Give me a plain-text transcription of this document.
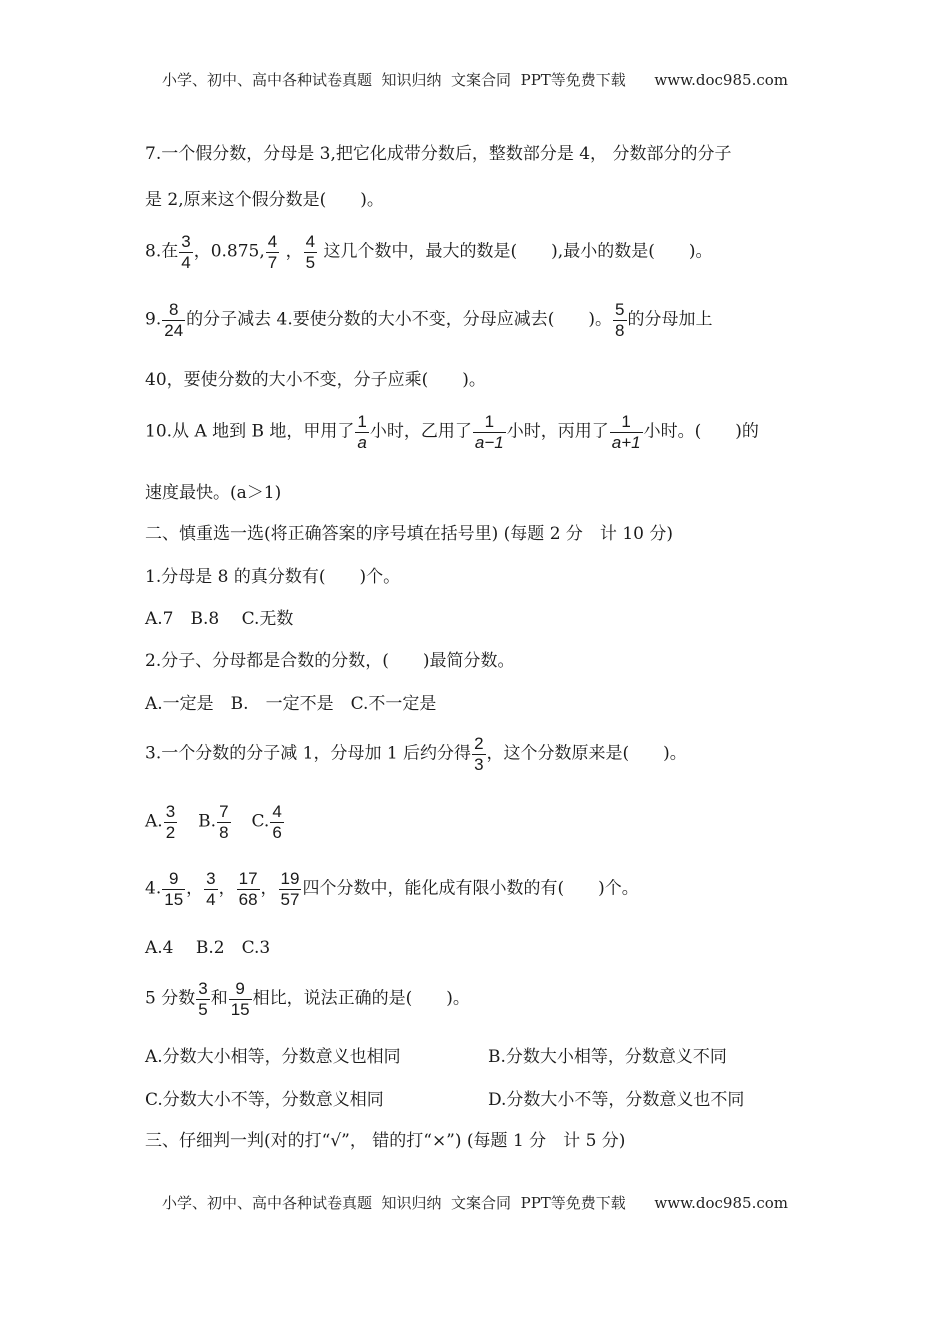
小学、初中、高中各种试卷真题  知识归纳  文案合同  PPT等免费下载      www.doc985.com
7.一个假分数，分母是 3,把它化成带分数后，整数部分是 4， 分数部分的分子
是 2,原来这个假分数是(　　)。
8.在 $\frac{3}{4}$ ，0.875, $\frac{4}{7}$ ， $\frac{4}{5}$ 这几个数中，最大的数是(　　),最小的数是(　　)。
9. $\frac{8}{24}$ 的分子减去 4.要使分数的大小不变，分母应减去(　　)。 $\frac{5}{8}$ 的分母加上
40，要使分数的大小不变，分子应乘(　　)。
10.从 A 地到 B 地，甲用了 $\frac{1}{a}$ 小时，乙用了 $\frac{1}{a-1}$ 小时，丙用了 $\frac{1}{a+1}$ 小时。(　　)的
速度最快。(a＞1)
二、慎重选一选(将正确答案的序号填在括号里) (每题 2 分　计 10 分)
1.分母是 8 的真分数有(　　)个。
A.7　B.8　 C.无数
2.分子、分母都是合数的分数，(　　)最简分数。
A.一定是　B.　一定不是　C.不一定是
3.一个分数的分子减 1，分母加 1 后约分得 $\frac{2}{3}$ ，这个分数原来是(　　)。
A. $\frac{3}{2} B$. $\frac{7}{8} C$. $\frac{4}{6}$
4. $\frac{9}{15}$ ， $\frac{3}{4}$ ， $\frac{17}{68}$ ， $\frac{19}{57}$ 四个分数中，能化成有限小数的有(　　)个。
A.4　 B.2　C.3
5 分数 $\frac{3}{5}$ 和 $\frac{9}{15}$ 相比，说法正确的是(　　)。
A.分数大小相等，分数意义也相同	B.分数大小相等，分数意义不同
C.分数大小不等，分数意义相同	D.分数大小不等，分数意义也不同
三、仔细判一判(对的打“√”， 错的打“×”) (每题 1 分　计 5 分)
小学、初中、高中各种试卷真题  知识归纳  文案合同  PPT等免费下载      www.doc985.com
